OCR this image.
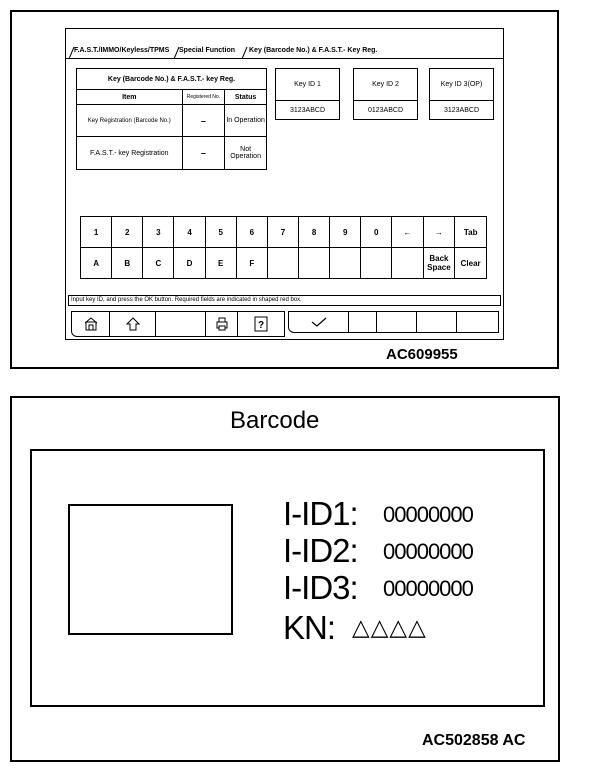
F.A.S.T./IMMO/Keyless/TPMS Special Function Key (Barcode No.) & F.A.S.T.- Key Reg.
Key (Barcode No.) & F.A.S.T.- key Reg.		
Item	Registered No.	Status
Key Registration (Barcode No.)	–	In Operation
F.A.S.T.- key Registration	–	Not Operation
Key ID 1
3123ABCD
Key ID 2
0123ABCD
Key ID 3(OP)
3123ABCD
1	2	3	4	5	6	7	8	9	0	←	→	Tab
A	B	C	D	E	F						Back Space	Clear
Input key ID, and press the OK button. Required fields are indicated in shaped red box.
?
AC609955
Barcode
I-ID1: 00000000
I-ID2: 00000000
I-ID3: 00000000
KN: △△△△
AC502858 AC
